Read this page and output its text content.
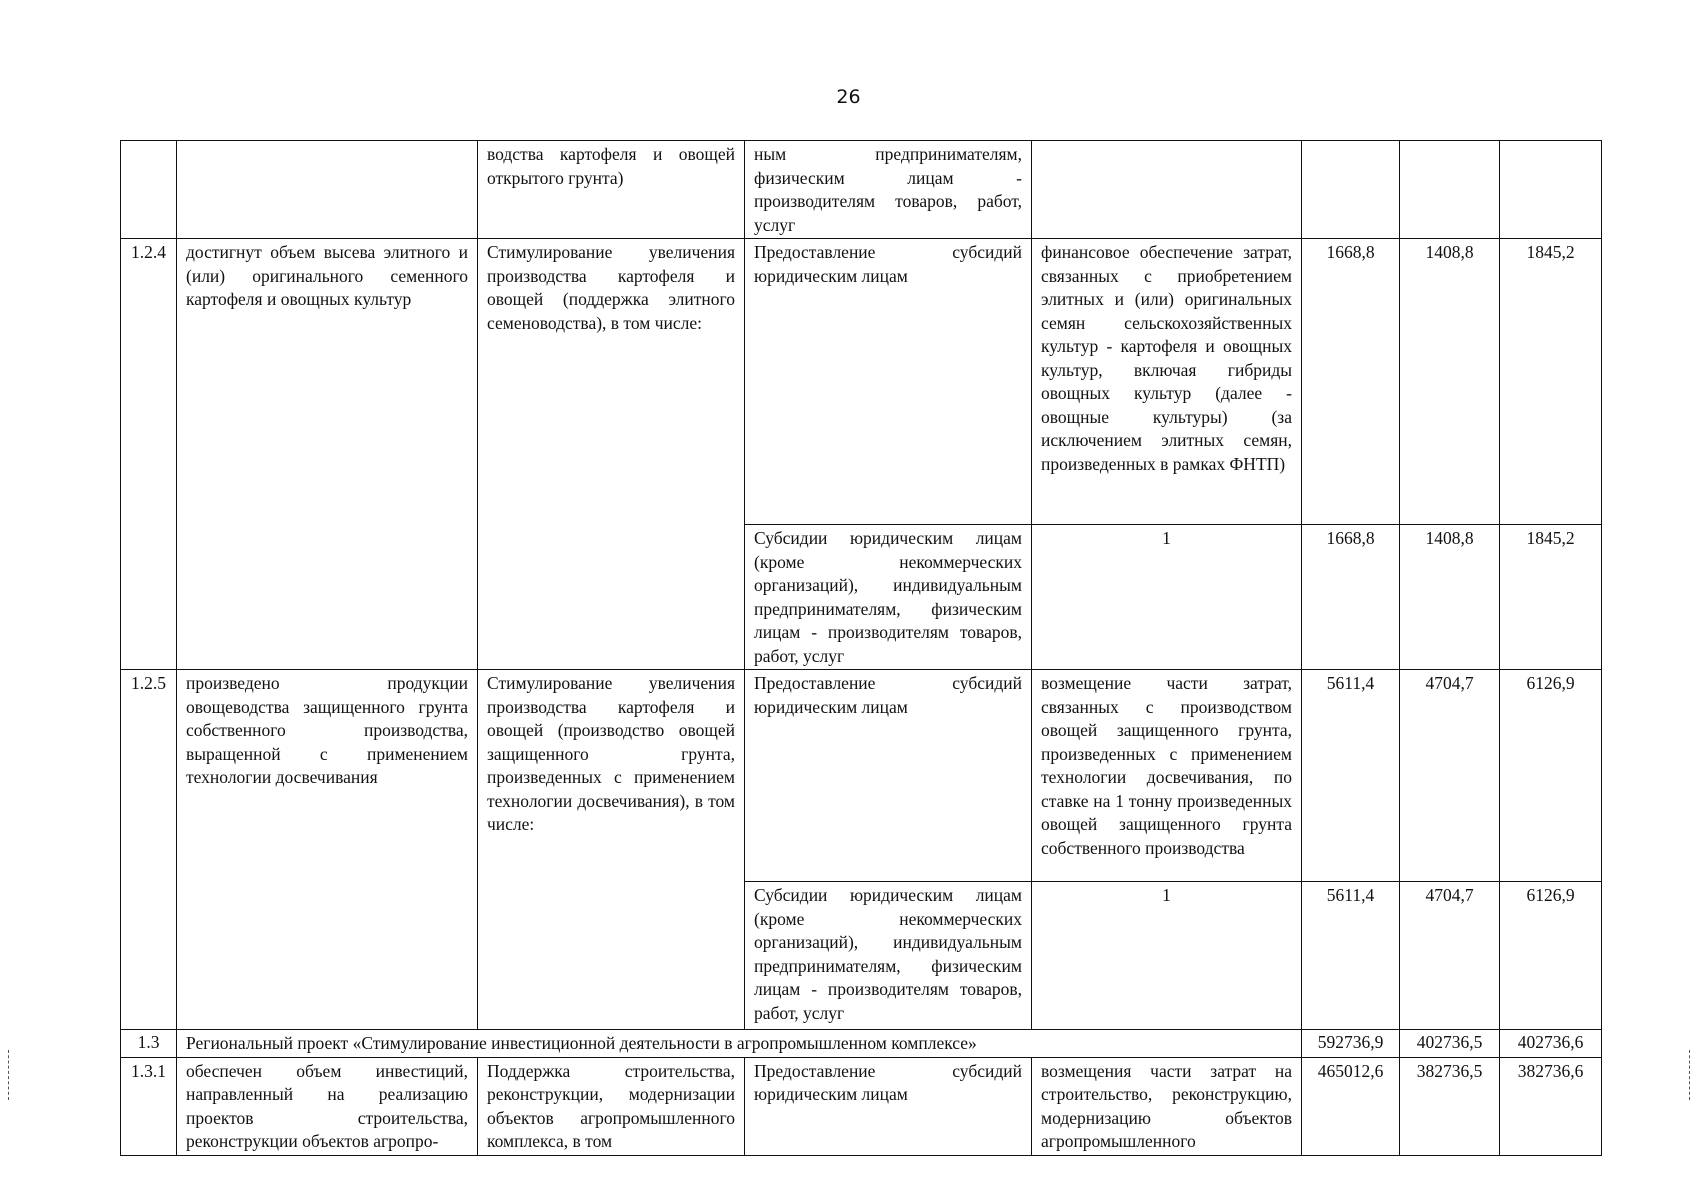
26
		водства картофеля и овощей открытого грунта)	ным предпринимателям, физическим лицам - производителям товаров, работ, услуг				
1.2.4	достигнут объем высева элитного и (или) оригинального семенного картофеля и овощных культур	Стимулирование увеличения производства картофеля и овощей (поддержка элитного семеноводства), в том числе:	Предоставление субсидий юридическим лицам	финансовое обеспечение затрат, связанных с приобретением элитных и (или) оригинальных семян сельскохозяйственных культур - картофеля и овощных культур, включая гибриды овощных культур (далее - овощные культуры) (за исключением элитных семян, произведенных в рамках ФНТП)	1668,8	1408,8	1845,2
			Субсидии юридическим лицам (кроме некоммерческих организаций), индивидуальным предпринимателям, физическим лицам - производителям товаров, работ, услуг	1	1668,8	1408,8	1845,2
1.2.5	произведено продукции овощеводства защищенного грунта собственного производства, выращенной с применением технологии досвечивания	Стимулирование увеличения производства картофеля и овощей (производство овощей защищенного грунта, произведенных с применением технологии досвечивания), в том числе:	Предоставление субсидий юридическим лицам	возмещение части затрат, связанных с производством овощей защищенного грунта, произведенных с применением технологии досвечивания, по ставке на 1 тонну произведенных овощей защищенного грунта собственного производства	5611,4	4704,7	6126,9
			Субсидии юридическим лицам (кроме некоммерческих организаций), индивидуальным предпринимателям, физическим лицам - производителям товаров, работ, услуг	1	5611,4	4704,7	6126,9
1.3	Региональный проект «Стимулирование инвестиционной деятельности в агропромышленном комплексе»				592736,9	402736,5	402736,6
1.3.1	обеспечен объем инвестиций, направленный на реализацию проектов строительства, реконструкции объектов агропро-	Поддержка строительства, реконструкции, модернизации объектов агропромышленного комплекса, в том	Предоставление субсидий юридическим лицам	возмещения части затрат на строительство, реконструкцию, модернизацию объектов агропромышленного	465012,6	382736,5	382736,6
